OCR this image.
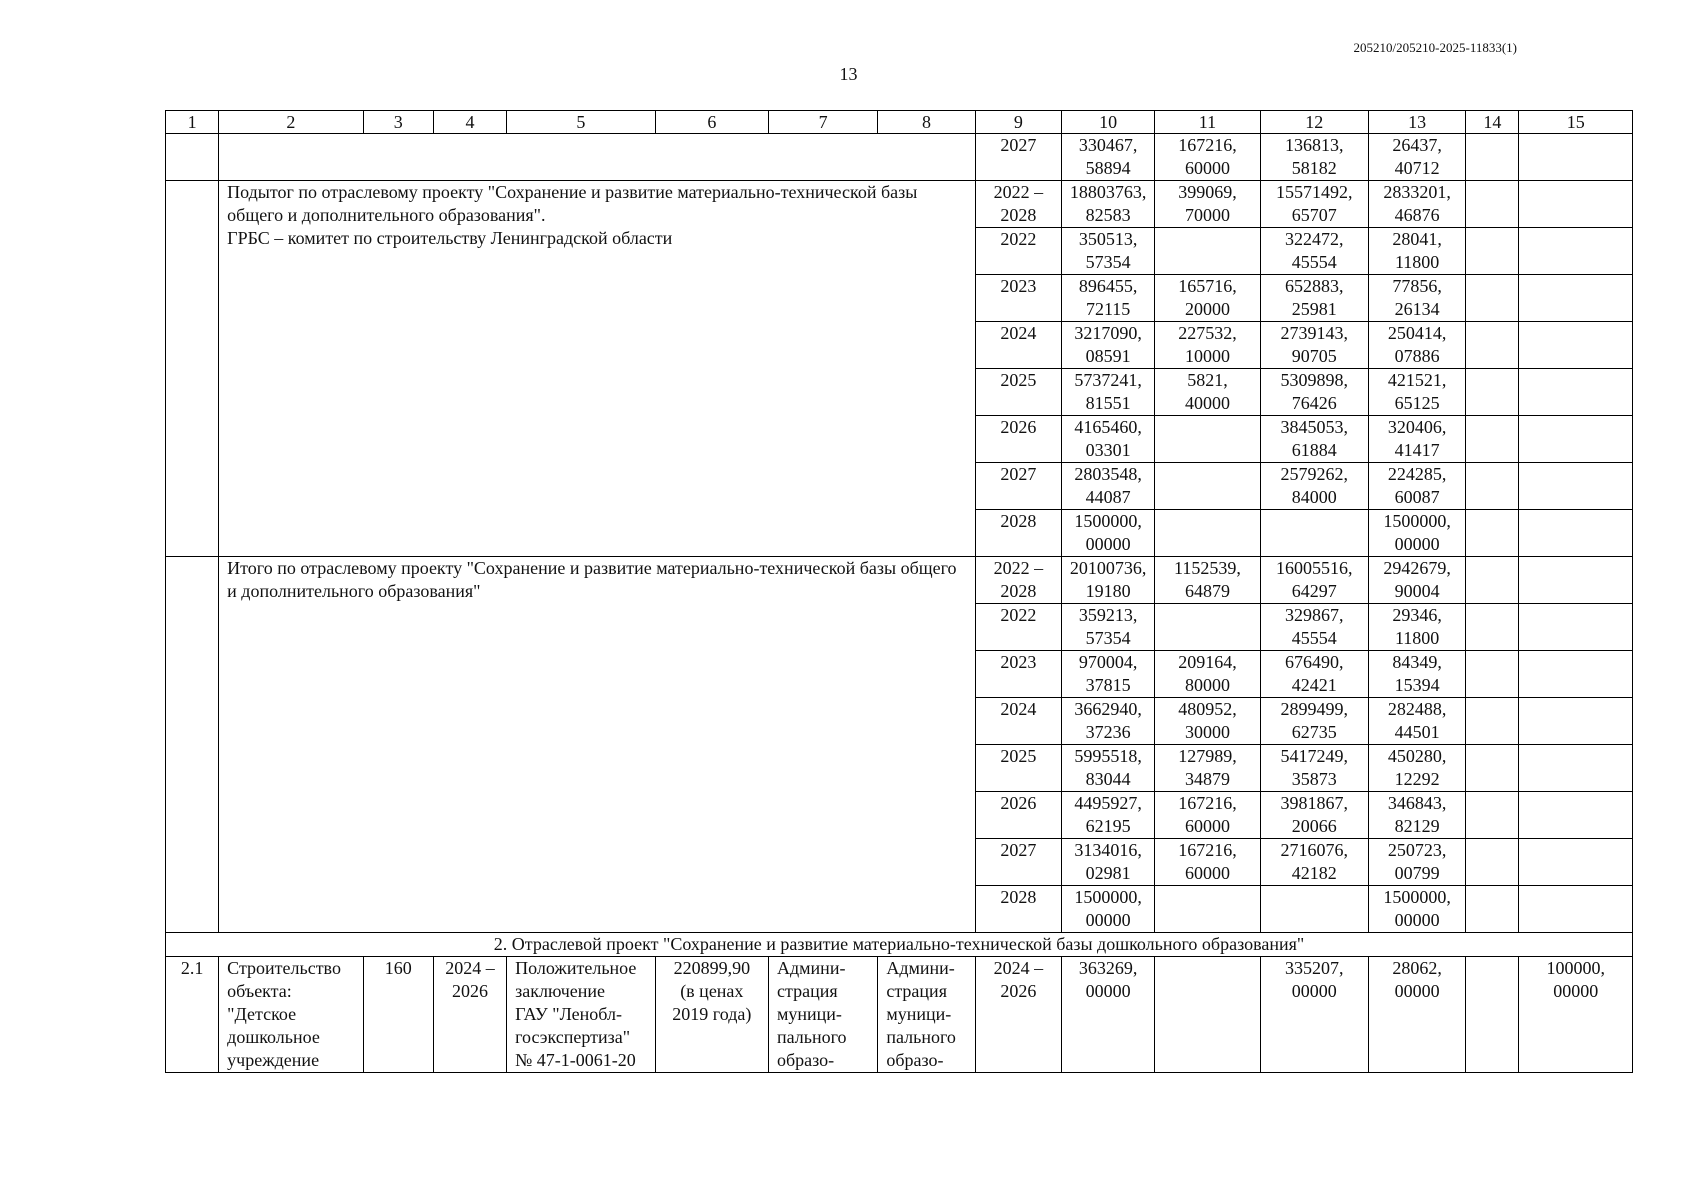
205210/205210-2025-11833(1)
13
1	2	3	4	5	6	7	8	9	10	11	12	13	14	15
								2027	330467,
58894	167216,
60000	136813,
58182	26437,
40712		
	Подытог по отраслевому проекту "Сохранение и развитие материально-технической базы общего и дополнительного образования".
ГРБС – комитет по строительству Ленинградской области							2022 –
2028	18803763,
82583	399069,
70000	15571492,
65707	2833201,
46876		
								2022	350513,
57354		322472,
45554	28041,
11800		
								2023	896455,
72115	165716,
20000	652883,
25981	77856,
26134		
								2024	3217090,
08591	227532,
10000	2739143,
90705	250414,
07886		
								2025	5737241,
81551	5821,
40000	5309898,
76426	421521,
65125		
								2026	4165460,
03301		3845053,
61884	320406,
41417		
								2027	2803548,
44087		2579262,
84000	224285,
60087		
								2028	1500000,
00000			1500000,
00000		
	Итого по отраслевому проекту "Сохранение и развитие материально-технической базы общего и дополнительного образования"							2022 –
2028	20100736,
19180	1152539,
64879	16005516,
64297	2942679,
90004		
								2022	359213,
57354		329867,
45554	29346,
11800		
								2023	970004,
37815	209164,
80000	676490,
42421	84349,
15394		
								2024	3662940,
37236	480952,
30000	2899499,
62735	282488,
44501		
								2025	5995518,
83044	127989,
34879	5417249,
35873	450280,
12292		
								2026	4495927,
62195	167216,
60000	3981867,
20066	346843,
82129		
								2027	3134016,
02981	167216,
60000	2716076,
42182	250723,
00799		
								2028	1500000,
00000			1500000,
00000		
2. Отраслевой проект "Сохранение и развитие материально-технической базы дошкольного образования"														
2.1	Строительство
объекта:
"Детское
дошкольное
учреждение	160	2024 –
2026	Положительное
заключение
ГАУ "Ленобл-
госэкспертиза"
№ 47-1-0061-20	220899,90
(в ценах
2019 года)	Админи-
страция
муници-
пального
образо-	Админи-
страция
муници-
пального
образо-	2024 –
2026	363269,
00000		335207,
00000	28062,
00000		100000,
00000
